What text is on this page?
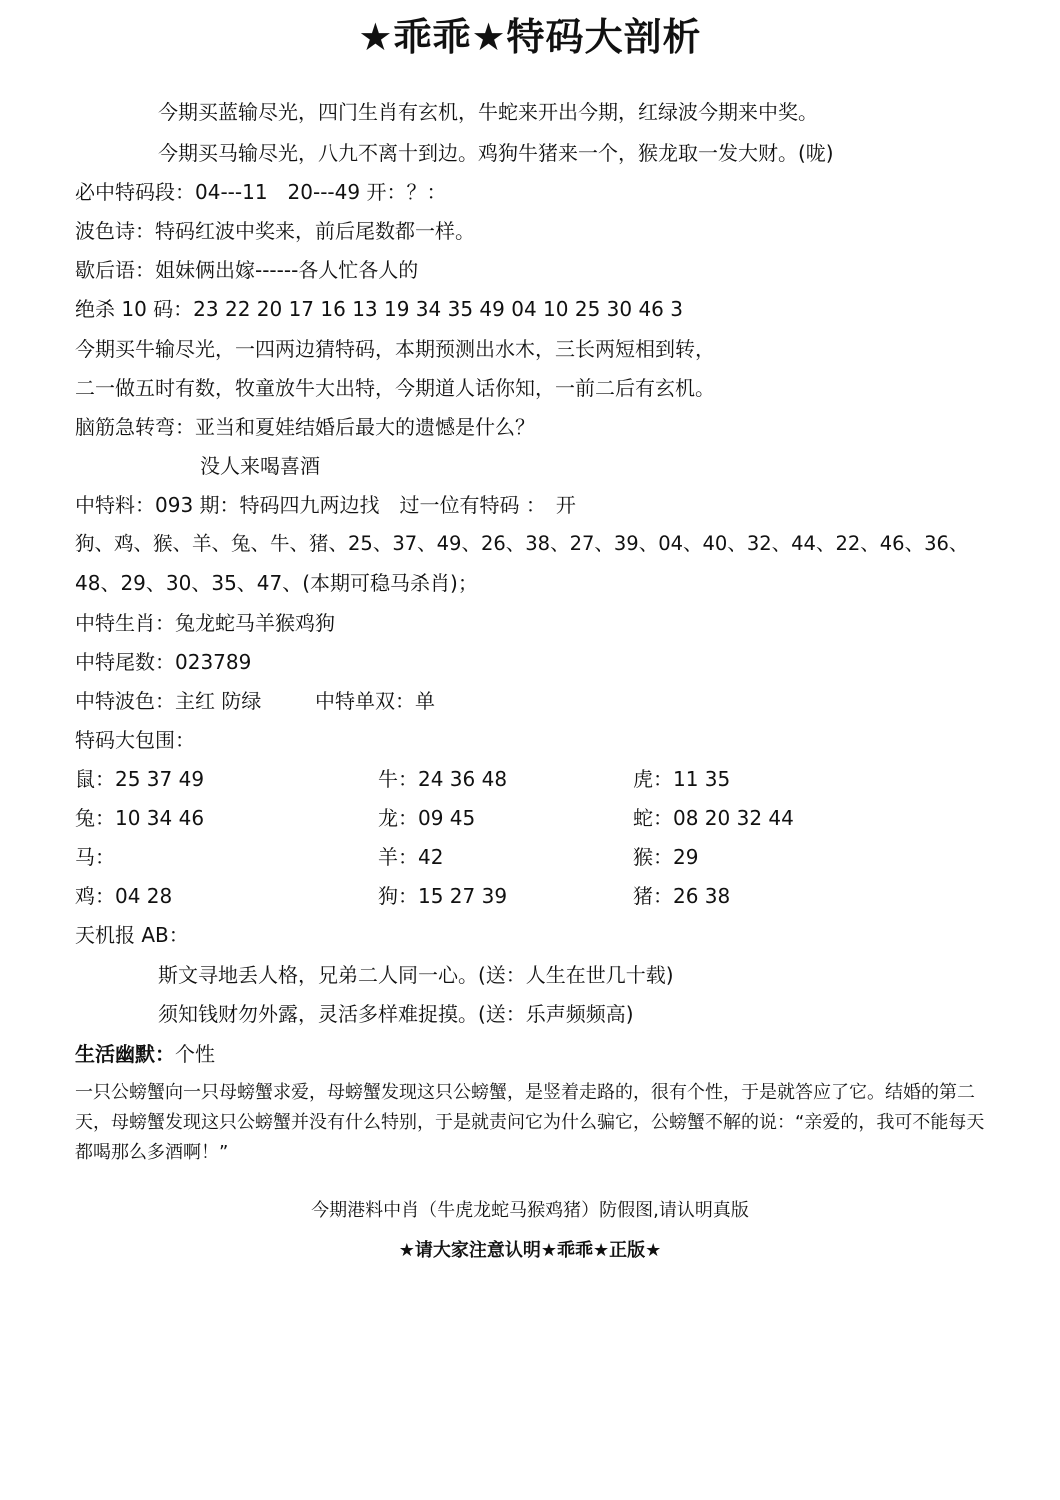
★乖乖★特码大剖析
今期买蓝输尽光，四门生肖有玄机，牛蛇来开出今期，红绿波今期来中奖。
今期买马输尽光，八九不离十到边。鸡狗牛猪来一个，猴龙取一发大财。(咙)
必中特码段：04---11　20---49 开：？：
波色诗：特码红波中奖来，前后尾数都一样。
歇后语：姐妹俩出嫁------各人忙各人的
绝杀 10 码：23 22 20 17 16 13 19 34 35 49 04 10 25 30 46 3
今期买牛输尽光，一四两边猜特码，本期预测出水木，三长两短相到转，
二一做五时有数，牧童放牛大出特，今期道人话你知，一前二后有玄机。
脑筋急转弯：亚当和夏娃结婚后最大的遗憾是什么？
没人来喝喜酒
中特料：093 期：特码四九两边找　过一位有特码 ：　开
狗、鸡、猴、羊、兔、牛、猪、25、37、49、26、38、27、39、04、40、32、44、22、46、36、
48、29、30、35、47、(本期可稳马杀肖)；
中特生肖：兔龙蛇马羊猴鸡狗
中特尾数：023789
中特波色：主红 防绿	中特单双：单
特码大包围：
鼠：25 37 49	牛：24 36 48	虎：11 35
兔：10 34 46	龙：09 45	蛇：08 20 32 44
马：	羊：42	猴：29
鸡：04 28	狗：15 27 39	猪：26 38
天机报 AB：
斯文寻地丢人格，兄弟二人同一心。(送：人生在世几十载)
须知钱财勿外露，灵活多样难捉摸。(送：乐声频频高)
生活幽默：个性
一只公螃蟹向一只母螃蟹求爱，母螃蟹发现这只公螃蟹，是竖着走路的，很有个性，于是就答应了它。结婚的第二天，母螃蟹发现这只公螃蟹并没有什么特别，于是就责问它为什么骗它，公螃蟹不解的说：“亲爱的，我可不能每天都喝那么多酒啊！”
今期港料中肖（牛虎龙蛇马猴鸡猪）防假图,请认明真版
★请大家注意认明★乖乖★正版★
